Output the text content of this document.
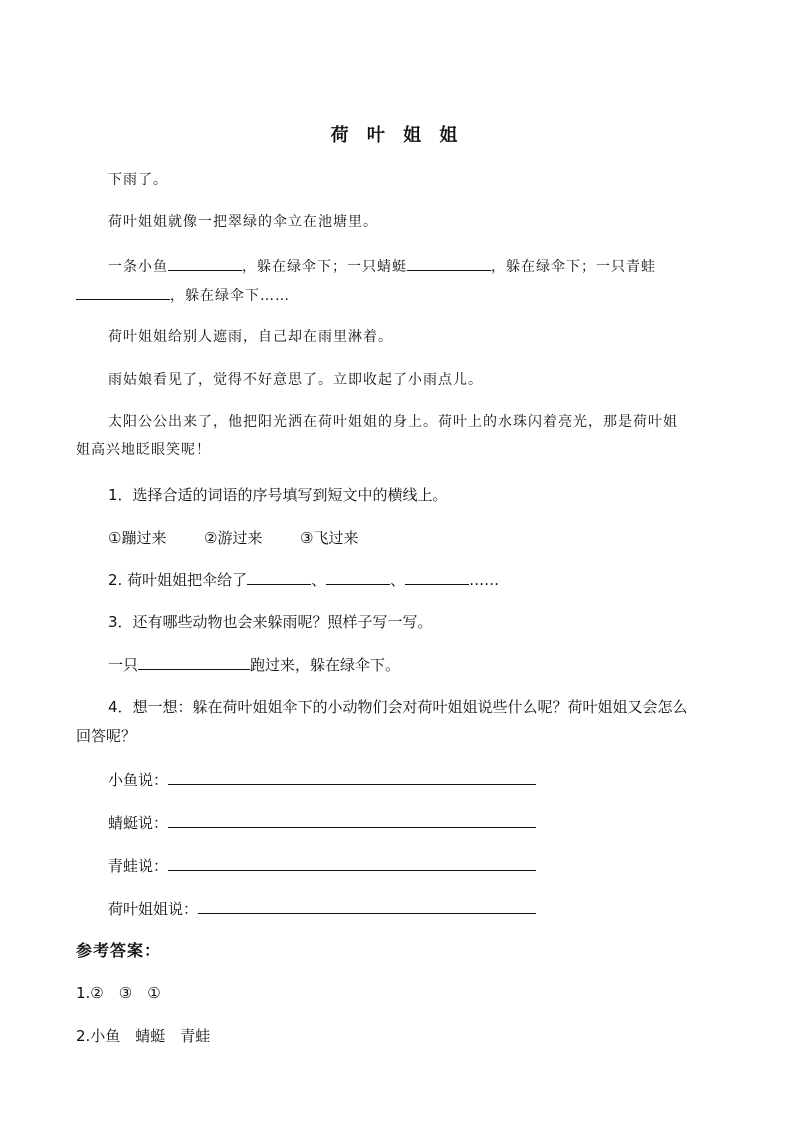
荷 叶 姐 姐
下雨了。
荷叶姐姐就像一把翠绿的伞立在池塘里。
一条小鱼	，躲在绿伞下；一只蜻蜓	，躲在绿伞下；一只青蛙
，躲在绿伞下……
荷叶姐姐给别人遮雨，自己却在雨里淋着。
雨姑娘看见了，觉得不好意思了。立即收起了小雨点儿。
太阳公公出来了，他把阳光洒在荷叶姐姐的身上。荷叶上的水珠闪着亮光，那是荷叶姐
姐高兴地眨眼笑呢！
1．选择合适的词语的序号填写到短文中的横线上。
①蹦过来	②游过来	③飞过来
2. 荷叶姐姐把伞给了	、	、	……
3．还有哪些动物也会来躲雨呢？照样子写一写。
一只	跑过来，躲在绿伞下。
4．想一想：躲在荷叶姐姐伞下的小动物们会对荷叶姐姐说些什么呢？荷叶姐姐又会怎么
回答呢？
小鱼说：
蜻蜓说：
青蛙说：
荷叶姐姐说：
参考答案：
1.②　③　①
2.小鱼　蜻蜓　青蛙
